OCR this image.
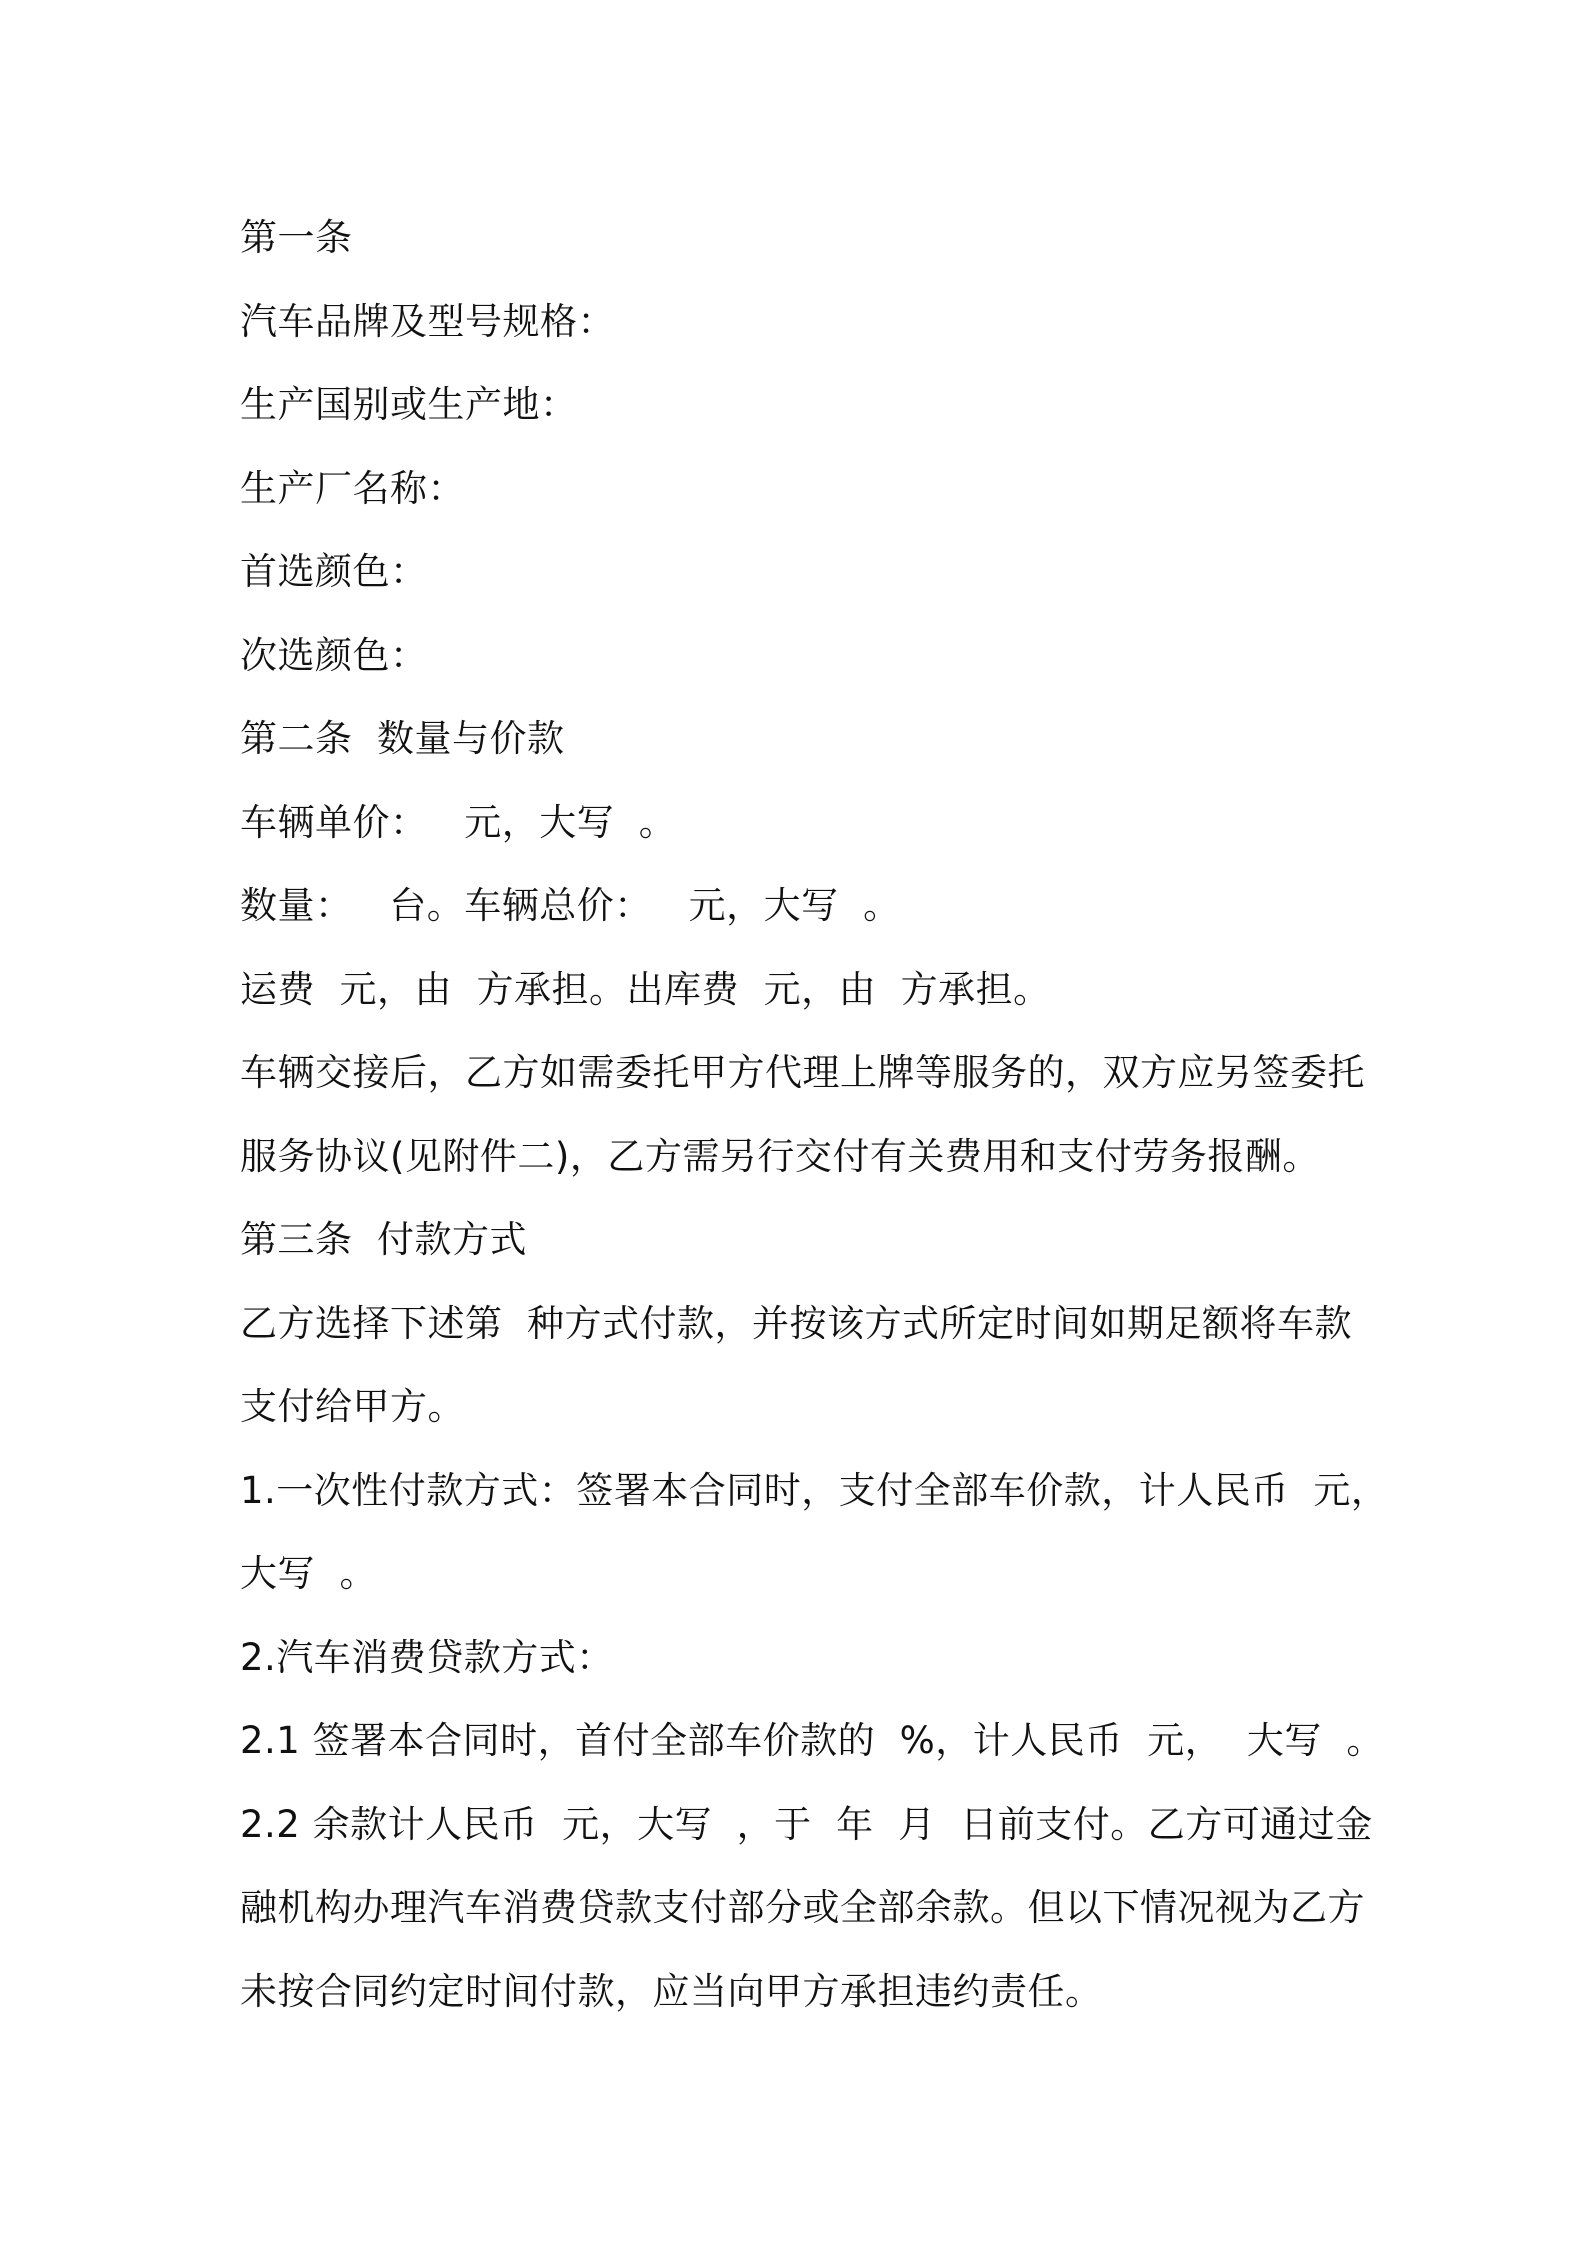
第一条
汽车品牌及型号规格：
生产国别或生产地：
生产厂名称：
首选颜色：
次选颜色：
第二条  数量与价款
车辆单价：   元，大写  。
数量：   台。车辆总价：   元，大写  。
运费  元，由  方承担。出库费  元，由  方承担。
车辆交接后，乙方如需委托甲方代理上牌等服务的，双方应另签委托
服务协议(见附件二)，乙方需另行交付有关费用和支付劳务报酬。
第三条  付款方式
乙方选择下述第  种方式付款，并按该方式所定时间如期足额将车款
支付给甲方。
1.一次性付款方式：签署本合同时，支付全部车价款，计人民币  元，
大写  。
2.汽车消费贷款方式：
2.1 签署本合同时，首付全部车价款的  %，计人民币  元，  大写  。
2.2 余款计人民币  元，大写  ，于  年  月  日前支付。乙方可通过金
融机构办理汽车消费贷款支付部分或全部余款。但以下情况视为乙方
未按合同约定时间付款，应当向甲方承担违约责任。
